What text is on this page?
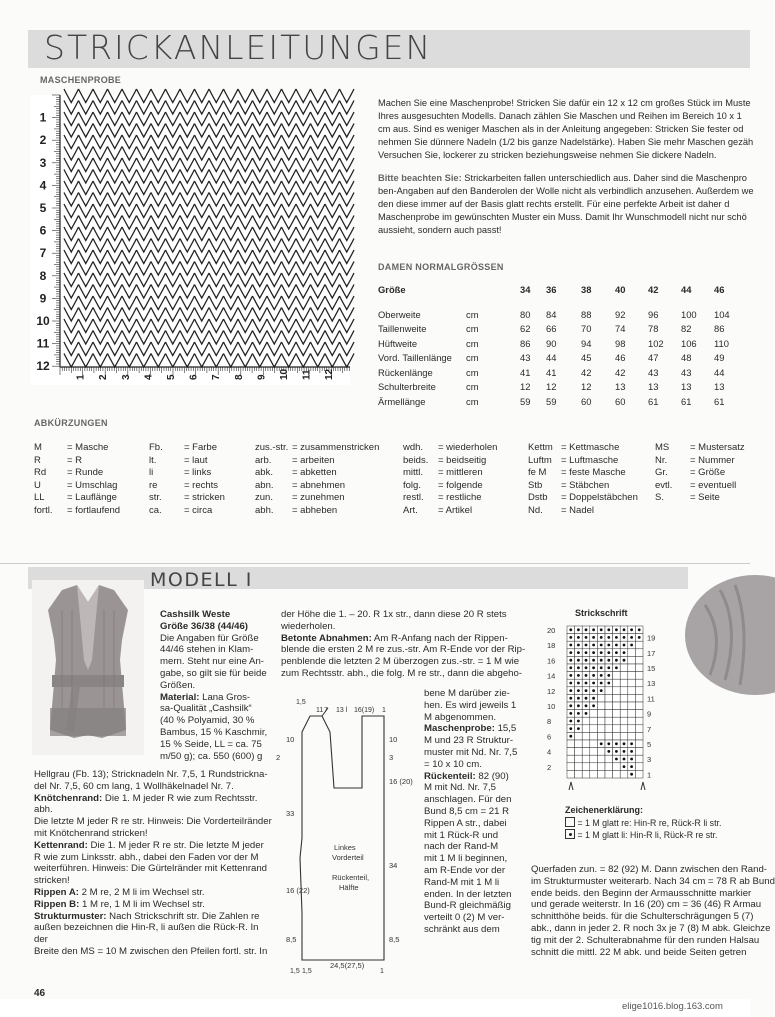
STRICKANLEITUNGEN
MASCHENPROBE
1
2
3
4
5
6
7
8
9
10
11
12
1 2 3 4 5 6 7 8 9 10 11 12

Machen Sie eine Maschenprobe! Stricken Sie dafür ein 12 x 12 cm großes Stück im Muste
Ihres ausgesuchten Modells. Danach zählen Sie Maschen und Reihen im Bereich 10 x 1
cm aus. Sind es weniger Maschen als in der Anleitung angegeben: Stricken Sie fester od
nehmen Sie dünnere Nadeln (1/2 bis ganze Nadelstärke). Haben Sie mehr Maschen gezäh
Versuchen Sie, lockerer zu stricken beziehungsweise nehmen Sie dickere Nadeln.

Bitte beachten Sie: Strickarbeiten fallen unterschiedlich aus. Daher sind die Maschenpro
ben-Angaben auf den Banderolen der Wolle nicht als verbindlich anzusehen. Außerdem we
den diese immer auf der Basis glatt rechts erstellt. Für eine perfekte Arbeit ist daher d
Maschenprobe im gewünschten Muster ein Muss. Damit Ihr Wunschmodell nicht nur schö
aussieht, sondern auch passt!

DAMEN NORMALGRÖSSEN
Größe	34 36	38	40 42 44 46
Oberweite	cm	80 84	88	92 96 100 104
Taillenweite	cm	62 66	70	74 78 82 86
Hüftweite	cm	86 90	94	98 102 106 110
Vord. Taillenlänge cm	43 44	45	46 47 48 49
Rückenlänge	cm	41 41	42	42 43 43 44
Schulterbreite	cm	12 12	12	13 13 13 13
Ärmellänge	cm	59 59	60	60 61 61 61
ABKÜRZUNGEN
M	= Masche
R	= R
Rd = Runde
U	= Umschlag
LL = Lauflänge
fortl. = fortlaufend
Fb. = Farbe
lt.	= laut
li	= links
re	= rechts
str. = stricken
ca. = circa
zus.-str. = zusammenstricken
arb. = arbeiten
abk. = abketten
abn. = abnehmen
zun. = zunehmen
abh. = abheben
wdh. = wiederholen
beids. = beidseitig
mittl. = mittleren
folg. = folgende
restl. = restliche
Art. = Artikel
Kettm = Kettmasche
Luftm = Luftmasche
fe M = feste Masche
Stb = Stäbchen
Dstb = Doppelstäbchen
Nd. = Nadel
MS = Mustersatz
Nr. = Nummer
Gr. = Größe
evtl. = eventuell
S.	= Seite
MODELL I

Cashsilk Weste

Größe 36/38 (44/46)

Die Angaben für Größe
44/46 stehen in Klam-
mern. Steht nur eine An-
gabe, so gilt sie für beide
Größen.

Material: Lana Gros-

sa-Qualität „Cashsilk“
(40 % Polyamid, 30 %
Bambus, 15 % Kaschmir,
15 % Seide, LL = ca. 75
m/50 g); ca. 550 (600) g
Hellgrau (Fb. 13); Stricknadeln Nr. 7,5, 1 Rundstrickna-
del Nr. 7,5, 60 cm lang, 1 Wollhäkelnadel Nr. 7.
Knötchenrand: Die 1. M jeder R wie zum Rechtsstr. abh.
Die letzte M jeder R re str. Hinweis: Die Vorderteilränder
mit Knötchenrand stricken!
Kettenrand: Die 1. M jeder R re str. Die letzte M jeder
R wie zum Linksstr. abh., dabei den Faden vor der M
weiterführen. Hinweis: Die Gürtelränder mit Kettenrand
stricken!
Rippen A: 2 M re, 2 M li im Wechsel str.
Rippen B: 1 M re, 1 M li im Wechsel str.
Strukturmuster: Nach Strickschrift str. Die Zahlen re
außen bezeichnen die Hin-R, li außen die Rück-R. In der
Breite den MS = 10 M zwischen den Pfeilen fortl. str. In
der Höhe die 1. – 20. R 1x str., dann diese 20 R stets
wiederholen.
Betonte Abnahmen: Am R-Anfang nach der Rippen-
blende die ersten 2 M re zus.-str. Am R-Ende vor der Rip-
penblende die letzten 2 M überzogen zus.-str. = 1 M wie
zum Rechtsstr. abh., die folg. M re str., dann die abgeho-
bene M darüber zie-
hen. Es wird jeweils 1
M abgenommen.
Maschenprobe: 15,5
M und 23 R Struktur-
muster mit Nd. Nr. 7,5
= 10 x 10 cm.
Rückenteil: 82 (90)
M mit Nd. Nr. 7,5
anschlagen. Für den
Bund 8,5 cm = 21 R
Rippen A str., dabei
mit 1 Rück-R und
nach der Rand-M
mit 1 M li beginnen,
am R-Ende vor der
Rand-M mit 1 M li
enden. In der letzten
Bund-R gleichmäßig
verteilt 0 (2) M ver-
schränkt aus dem
1,5
11 7 13 l 16(19) 1
10
2
33
16 (22)
8,5
10
3
16 (20)
34
8,5
1,5 1,5
24,5(27,5)
1
Linkes
Vorderteil
Rückenteil,
Hälfte
Strickschrift
20
18
16
14
12
10
8
6
4
2
19
17
15
13
11
9
7
5
3
1
Zeichenerklärung:
= 1 M glatt re: Hin-R re, Rück-R li str.
= 1 M glatt li: Hin-R li, Rück-R re str.
Querfaden zun. = 82 (92) M. Dann zwischen den Rand-
im Strukturmuster weiterarb. Nach 34 cm = 78 R ab Bund
ende beids. den Beginn der Armausschnitte markier
und gerade weiterstr. In 16 (20) cm = 36 (46) R Armau
schnitthöhe beids. für die Schulterschrägungen 5 (7)
abk., dann in jeder 2. R noch 3x je 7 (8) M abk. Gleichze
tig mit der 2. Schulterabnahme für den runden Halsau
schnitt die mittl. 22 M abk. und beide Seiten getren
46
elige1016.blog.163.com
